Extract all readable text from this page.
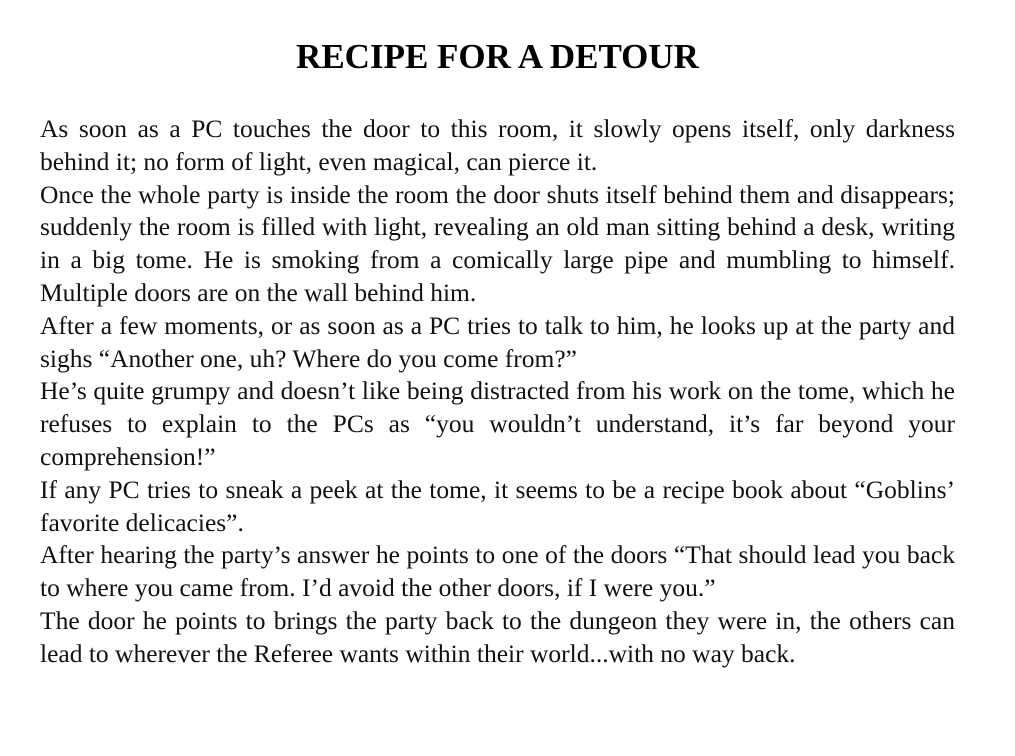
RECIPE FOR A DETOUR

As soon as a PC touches the door to this room, it slowly opens itself, only darkness behind it; no form of light, even magical, can pierce it.

Once the whole party is inside the room the door shuts itself behind them and disappears; suddenly the room is filled with light, revealing an old man sitting behind a desk, writing in a big tome. He is smoking from a comically large pipe and mumbling to himself. Multiple doors are on the wall behind him.

After a few moments, or as soon as a PC tries to talk to him, he looks up at the party and sighs “Another one, uh? Where do you come from?”

He’s quite grumpy and doesn’t like being distracted from his work on the tome, which he refuses to explain to the PCs as “you wouldn’t understand, it’s far beyond your comprehension!”

If any PC tries to sneak a peek at the tome, it seems to be a recipe book about “Goblins’ favorite delicacies”.

After hearing the party’s answer he points to one of the doors “That should lead you back to where you came from. I’d avoid the other doors, if I were you.”

The door he points to brings the party back to the dungeon they were in, the others can lead to wherever the Referee wants within their world...with no way back.
